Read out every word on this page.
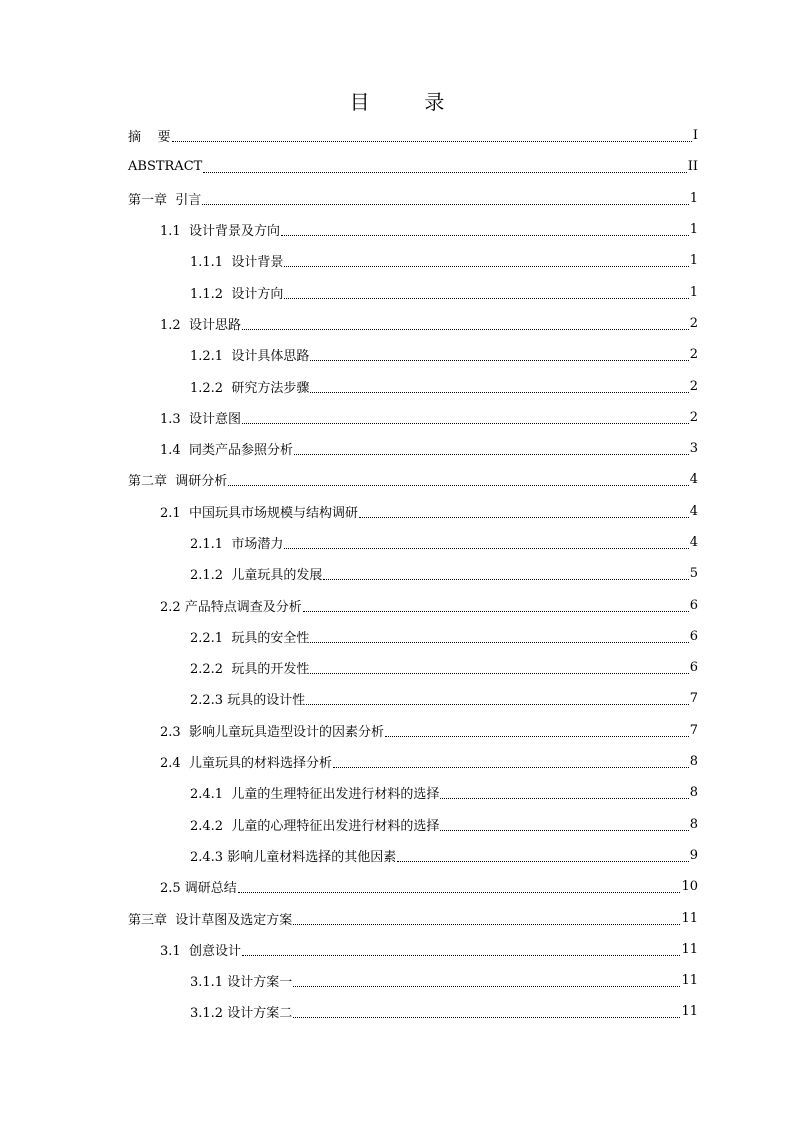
目  录
摘    要	I
ABSTRACT	II
第一章  引言	1
1.1  设计背景及方向	1
1.1.1  设计背景	1
1.1.2  设计方向	1
1.2  设计思路	2
1.2.1  设计具体思路	2
1.2.2  研究方法步骤	2
1.3  设计意图	2
1.4  同类产品参照分析	3
第二章  调研分析	4
2.1  中国玩具市场规模与结构调研	4
2.1.1  市场潜力	4
2.1.2  儿童玩具的发展	5
2.2 产品特点调查及分析	6
2.2.1  玩具的安全性	6
2.2.2  玩具的开发性	6
2.2.3 玩具的设计性	7
2.3  影响儿童玩具造型设计的因素分析	7
2.4  儿童玩具的材料选择分析	8
2.4.1  儿童的生理特征出发进行材料的选择	8
2.4.2  儿童的心理特征出发进行材料的选择	8
2.4.3 影响儿童材料选择的其他因素	9
2.5 调研总结	10
第三章  设计草图及选定方案	11
3.1  创意设计	11
3.1.1 设计方案一	11
3.1.2 设计方案二	11
